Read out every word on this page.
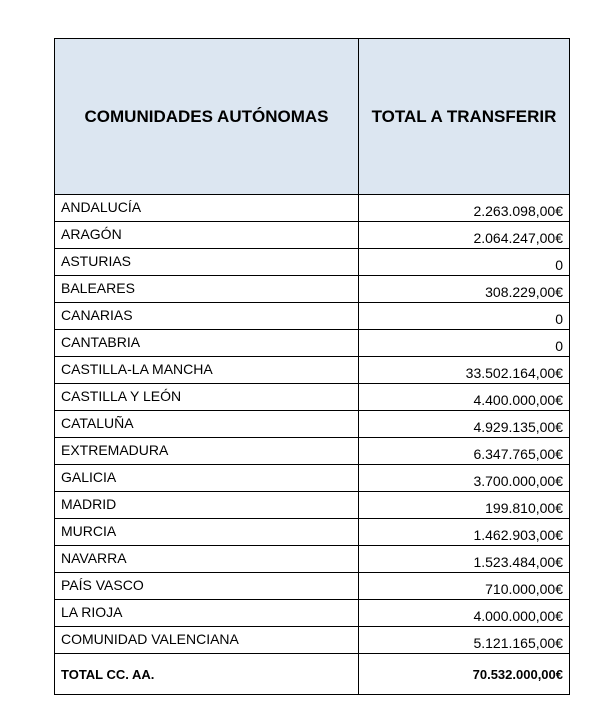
COMUNIDADES AUTÓNOMAS	TOTAL A TRANSFERIR
ANDALUCÍA	2.263.098,00€
ARAGÓN	2.064.247,00€
ASTURIAS	0
BALEARES	308.229,00€
CANARIAS	0
CANTABRIA	0
CASTILLA-LA MANCHA	33.502.164,00€
CASTILLA Y LEÓN	4.400.000,00€
CATALUÑA	4.929.135,00€
EXTREMADURA	6.347.765,00€
GALICIA	3.700.000,00€
MADRID	199.810,00€
MURCIA	1.462.903,00€
NAVARRA	1.523.484,00€
PAÍS VASCO	710.000,00€
LA RIOJA	4.000.000,00€
COMUNIDAD VALENCIANA	5.121.165,00€
TOTAL CC. AA.	70.532.000,00€
